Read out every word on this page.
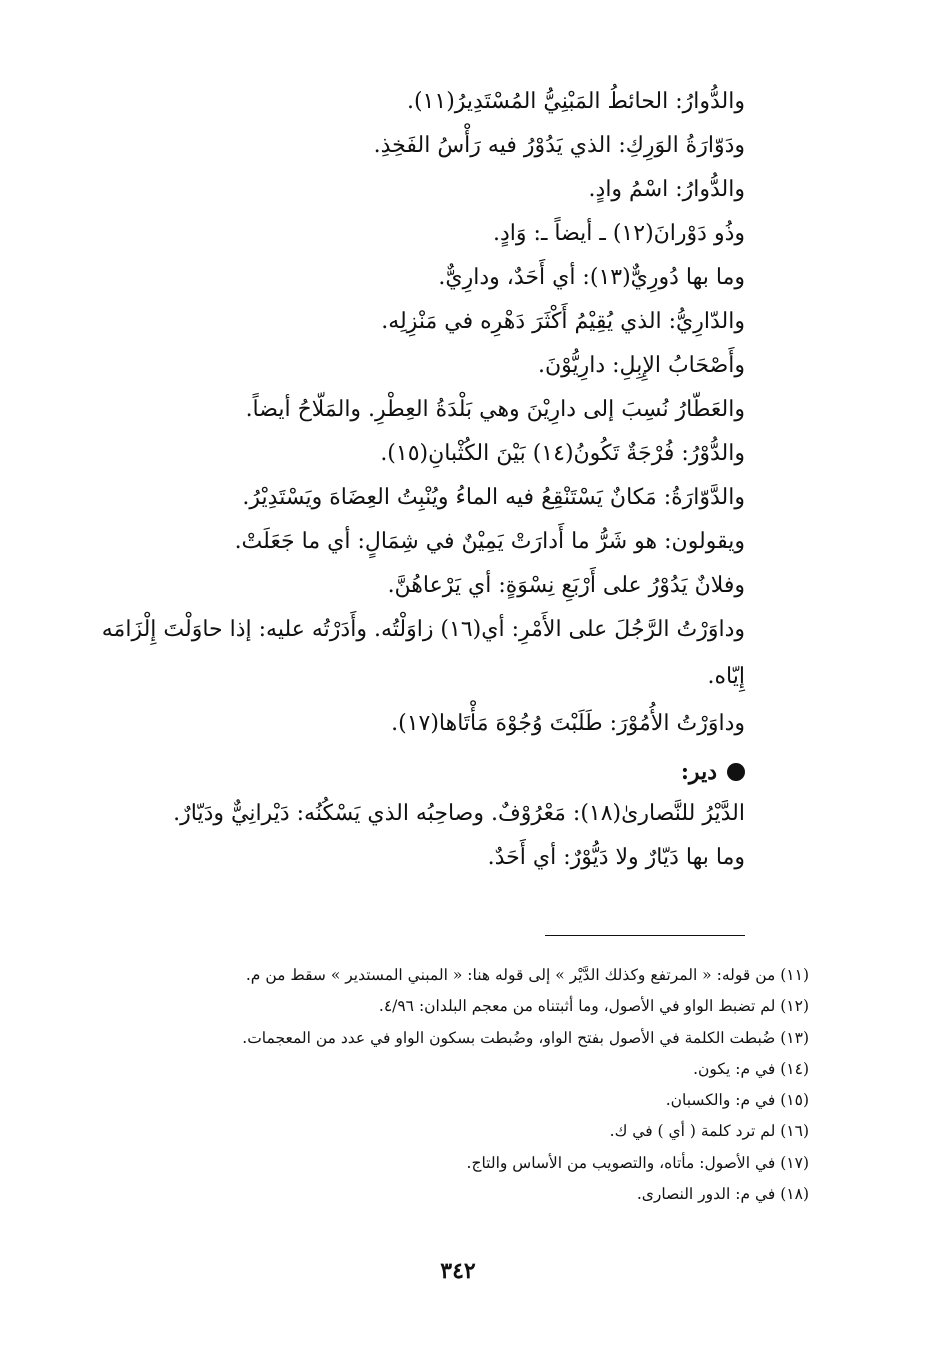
والدُّوارُ: الحائطُ المَبْنِيُّ المُسْتَدِيرُ(١١).
ودَوّارَةُ الوَرِكِ: الذي يَدُوْرُ فيه رَأْسُ الفَخِذِ.
والدُّوارُ: اسْمُ وادٍ.
وذُو دَوْرانَ(١٢) ـ أيضاً ـ: وَادٍ.
وما بها دُورِيٌّ(١٣): أي أَحَدٌ، ودارِيٌّ.
والدّارِيُّ: الذي يُقِيْمُ أَكْثَرَ دَهْرِه في مَنْزِلِه.
وأَصْحَابُ الإِبِلِ: دارِيُّوْنَ.
والعَطّارُ نُسِبَ إلى دارِيْنَ وهي بَلْدَةُ العِطْرِ. والمَلّاحُ أيضاً.
والدُّوْرُ: فُرْجَةٌ تَكُونُ(١٤) بَيْنَ الكُثْبانِ(١٥).
والدَّوّارَةُ: مَكانٌ يَسْتَنْقِعُ فيه الماءُ ويُنْبِتُ العِضَاهَ ويَسْتَدِيْرُ.
ويقولون: هو شَرُّ ما أَدارَتْ يَمِيْنٌ في شِمَالٍ: أي ما جَعَلَتْ.
وفلانٌ يَدُوْرُ على أَرْبَعِ نِسْوَةٍ: أي يَرْعاهُنَّ.
وداوَرْتُ الرَّجُلَ على الأَمْرِ: أي(١٦) زاوَلْتُه. وأَدَرْتُه عليه: إذا حاوَلْتَ إِلْزَامَه
إِيّاه.
وداوَرْتُ الأُمُوْرَ: طَلَبْتَ وُجُوْهَ مَأْتَاها(١٧).
دير:
الدَّيْرُ للنَّصارىٰ(١٨): مَعْرُوْفٌ. وصاحِبُه الذي يَسْكُنُه: دَيْرانِيٌّ ودَيّارٌ.
وما بها دَيّارٌ ولا دَيُّوْرٌ: أي أَحَدٌ.
(١١) من قوله: « المرتفع وكذلك الدَّيْر » إلى قوله هنا: « المبني المستدير » سقط من م.
(١٢) لم تضبط الواو في الأصول، وما أثبتناه من معجم البلدان: ٤/٩٦.
(١٣) ضُبطت الكلمة في الأصول بفتح الواو، وضُبطت بسكون الواو في عدد من المعجمات.
(١٤) في م: يكون.
(١٥) في م: والكسبان.
(١٦) لم ترد كلمة ( أي ) في ك.
(١٧) في الأصول: مأتاه، والتصويب من الأساس والتاج.
(١٨) في م: الدور النصارى.
٣٤٢
